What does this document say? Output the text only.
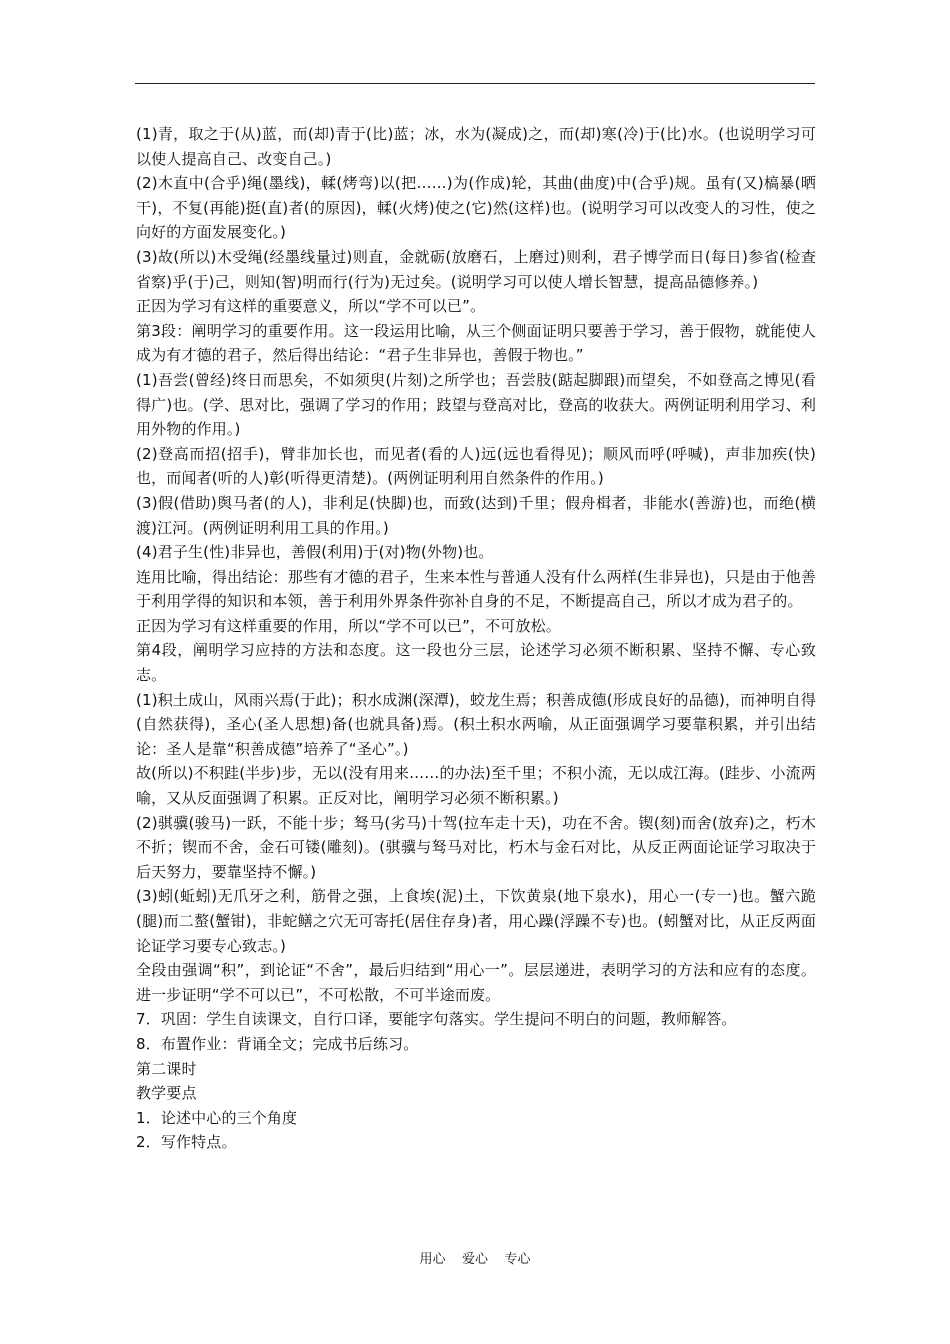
(1)青，取之于(从)蓝，而(却)青于(比)蓝；冰，水为(凝成)之，而(却)寒(冷)于(比)水。(也说明学习可以使人提高自己、改变自己。)

(2)木直中(合乎)绳(墨线)，輮(烤弯)以(把……)为(作成)轮，其曲(曲度)中(合乎)规。虽有(又)槁暴(晒干)，不复(再能)挺(直)者(的原因)，輮(火烤)使之(它)然(这样)也。(说明学习可以改变人的习性，使之向好的方面发展变化。)

(3)故(所以)木受绳(经墨线量过)则直，金就砺(放磨石，上磨过)则利，君子博学而日(每日)参省(检查省察)乎(于)己，则知(智)明而行(行为)无过矣。(说明学习可以使人增长智慧，提高品德修养。)

正因为学习有这样的重要意义，所以“学不可以已”。

第3段：阐明学习的重要作用。这一段运用比喻，从三个侧面证明只要善于学习，善于假物，就能使人成为有才德的君子，然后得出结论：“君子生非异也，善假于物也。”

(1)吾尝(曾经)终日而思矣，不如须臾(片刻)之所学也；吾尝肢(踮起脚跟)而望矣，不如登高之博见(看得广)也。(学、思对比，强调了学习的作用；跂望与登高对比，登高的收获大。两例证明利用学习、利用外物的作用。)

(2)登高而招(招手)，臂非加长也，而见者(看的人)远(远也看得见)；顺风而呼(呼喊)，声非加疾(快)也，而闻者(听的人)彰(听得更清楚)。(两例证明利用自然条件的作用。)

(3)假(借助)舆马者(的人)，非利足(快脚)也，而致(达到)千里；假舟楫者，非能水(善游)也，而绝(横渡)江河。(两例证明利用工具的作用。)

(4)君子生(性)非异也，善假(利用)于(对)物(外物)也。

连用比喻，得出结论：那些有才德的君子，生来本性与普通人没有什么两样(生非异也)，只是由于他善于利用学得的知识和本领，善于利用外界条件弥补自身的不足，不断提高自己，所以才成为君子的。

正因为学习有这样重要的作用，所以“学不可以已”，不可放松。

第4段，阐明学习应持的方法和态度。这一段也分三层，论述学习必须不断积累、坚持不懈、专心致志。

(1)积土成山，风雨兴焉(于此)；积水成渊(深潭)，蛟龙生焉；积善成德(形成良好的品德)，而神明自得(自然获得)，圣心(圣人思想)备(也就具备)焉。(积土积水两喻，从正面强调学习要靠积累，并引出结论：圣人是靠“积善成德”培养了“圣心”。)

故(所以)不积跬(半步)步，无以(没有用来……的办法)至千里；不积小流，无以成江海。(跬步、小流两喻，又从反面强调了积累。正反对比，阐明学习必须不断积累。)

(2)骐骥(骏马)一跃，不能十步；驽马(劣马)十驾(拉车走十天)，功在不舍。锲(刻)而舍(放弃)之，朽木不折；锲而不舍，金石可镂(雕刻)。(骐骥与驽马对比，朽木与金石对比，从反正两面论证学习取决于后天努力，要靠坚持不懈。)

(3)蚓(蚯蚓)无爪牙之利，筋骨之强，上食埃(泥)土，下饮黄泉(地下泉水)，用心一(专一)也。蟹六跪(腿)而二螯(蟹钳)，非蛇鳝之穴无可寄托(居住存身)者，用心躁(浮躁不专)也。(蚓蟹对比，从正反两面论证学习要专心致志。)

全段由强调“积”，到论证“不舍”，最后归结到“用心一”。层层递进，表明学习的方法和应有的态度。进一步证明“学不可以已”，不可松散，不可半途而废。

7．巩固：学生自读课文，自行口译，要能字句落实。学生提问不明白的问题，教师解答。

8．布置作业：背诵全文；完成书后练习。

第二课时

教学要点

1．论述中心的三个角度

2．写作特点。

用心    爱心    专心
